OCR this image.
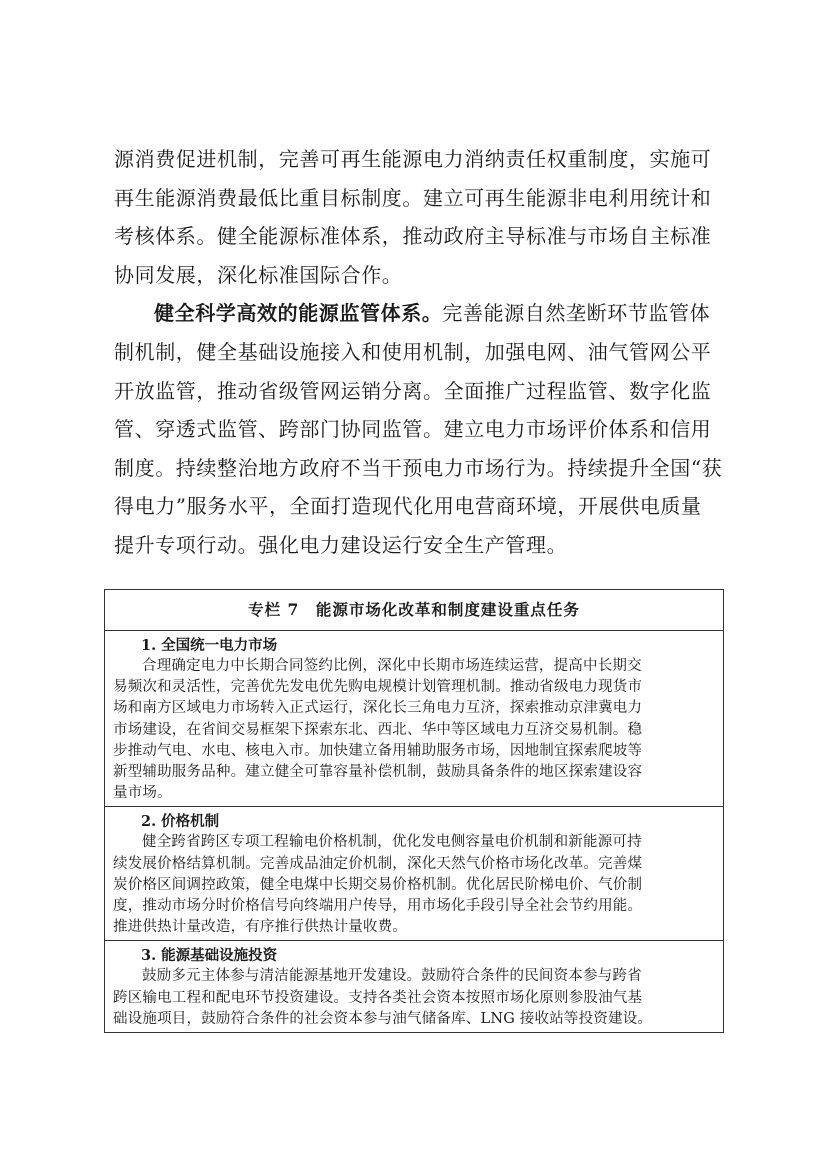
源消费促进机制，完善可再生能源电力消纳责任权重制度，实施可
再生能源消费最低比重目标制度。建立可再生能源非电利用统计和
考核体系。健全能源标准体系，推动政府主导标准与市场自主标准
协同发展，深化标准国际合作。
健全科学高效的能源监管体系。完善能源自然垄断环节监管体
制机制，健全基础设施接入和使用机制，加强电网、油气管网公平
开放监管，推动省级管网运销分离。全面推广过程监管、数字化监
管、穿透式监管、跨部门协同监管。建立电力市场评价体系和信用
制度。持续整治地方政府不当干预电力市场行为。持续提升全国“获
得电力”服务水平，全面打造现代化用电营商环境，开展供电质量
提升专项行动。强化电力建设运行安全生产管理。
专栏 7　能源市场化改革和制度建设重点任务
1. 全国统一电力市场
合理确定电力中长期合同签约比例，深化中长期市场连续运营，提高中长期交
易频次和灵活性，完善优先发电优先购电规模计划管理机制。推动省级电力现货市
场和南方区域电力市场转入正式运行，深化长三角电力互济，探索推动京津冀电力
市场建设，在省间交易框架下探索东北、西北、华中等区域电力互济交易机制。稳
步推动气电、水电、核电入市。加快建立备用辅助服务市场，因地制宜探索爬坡等
新型辅助服务品种。建立健全可靠容量补偿机制，鼓励具备条件的地区探索建设容
量市场。
2. 价格机制
健全跨省跨区专项工程输电价格机制，优化发电侧容量电价机制和新能源可持
续发展价格结算机制。完善成品油定价机制，深化天然气价格市场化改革。完善煤
炭价格区间调控政策，健全电煤中长期交易价格机制。优化居民阶梯电价、气价制
度，推动市场分时价格信号向终端用户传导，用市场化手段引导全社会节约用能。
推进供热计量改造，有序推行供热计量收费。
3. 能源基础设施投资
鼓励多元主体参与清洁能源基地开发建设。鼓励符合条件的民间资本参与跨省
跨区输电工程和配电环节投资建设。支持各类社会资本按照市场化原则参股油气基
础设施项目，鼓励符合条件的社会资本参与油气储备库、LNG 接收站等投资建设。
